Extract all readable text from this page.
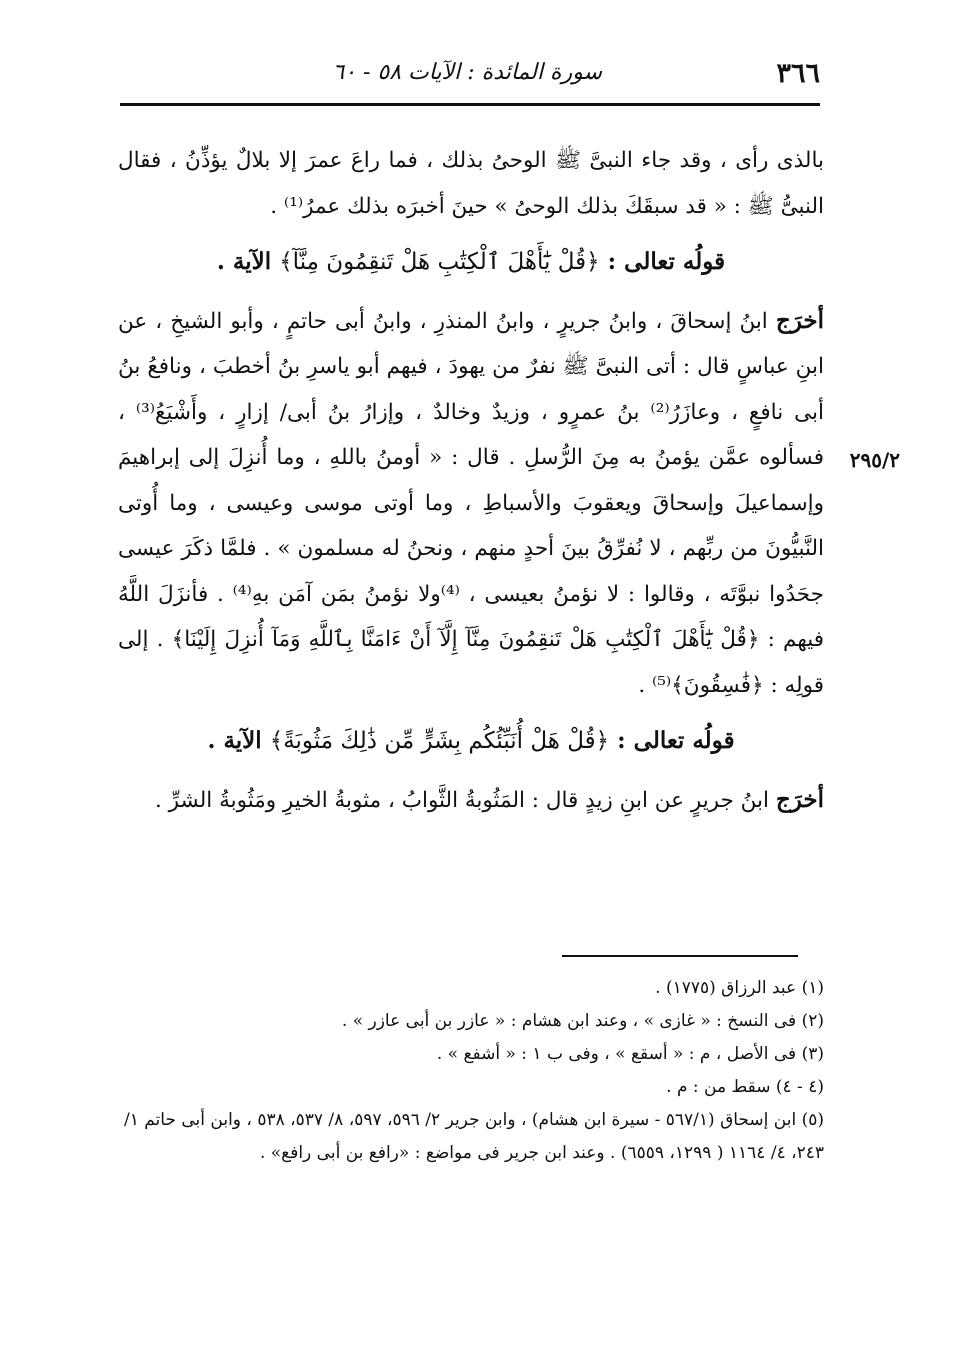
٣٦٦
سورة المائدة : الآيات ٥٨ - ٦٠
٢٩٥/٢

بالذى رأى ، وقد جاء النبىَّ ﷺ الوحىُ بذلك ، فما راعَ عمرَ إلا بلالٌ يؤذِّنُ ، فقال النبىُّ ﷺ : « قد سبقَكَ بذلك الوحىُ » حينَ أخبرَه بذلك عمرُ⁽¹⁾ .

قولُه تعالى : ﴿قُلْ يَٰٓأَهْلَ ٱلْكِتَٰبِ هَلْ تَنقِمُونَ مِنَّآ﴾ الآية .

أخرَج ابنُ إسحاقَ ، وابنُ جريرٍ ، وابنُ المنذرِ ، وابنُ أبى حاتمٍ ، وأبو الشيخِ ، عن ابنِ عباسٍ قال : أتى النبىَّ ﷺ نفرٌ من يهودَ ، فيهم أبو ياسرِ بنُ أخطبَ ، ونافعُ بنُ أبى نافعٍ ، وعازَرُ⁽²⁾ بنُ عمرٍو ، وزيدٌ وخالدٌ ، وإزارُ بنُ أبى/ إزارٍ ، وأَشْيَعُ⁽³⁾ ، فسألوه عمَّن يؤمنُ به مِنَ الرُّسلِ . قال : « أومنُ باللهِ ، وما أُنزِلَ إلى إبراهيمَ وإسماعيلَ وإسحاقَ ويعقوبَ والأسباطِ ، وما أوتى موسى وعيسى ، وما أُوتى النَّبيُّونَ من ربِّهم ، لا نُفرِّقُ بينَ أحدٍ منهم ، ونحنُ له مسلمون » . فلمَّا ذكَرَ عيسى جحَدُوا نبوَّتَه ، وقالوا : لا نؤمنُ بعيسى ، ⁽⁴⁾ولا نؤمنُ بمَن آمَن بهِ⁽⁴⁾ . فأنزَلَ اللَّهُ فيهم : ﴿قُلْ يَٰٓأَهْلَ ٱلْكِتَٰبِ هَلْ تَنقِمُونَ مِنَّآ إِلَّآ أَنْ ءَامَنَّا بِٱللَّهِ وَمَآ أُنزِلَ إِلَيْنَا﴾ . إلى قولِه : ﴿فَٰسِقُونَ﴾⁽⁵⁾ .

قولُه تعالى : ﴿قُلْ هَلْ أُنَبِّئُكُم بِشَرٍّ مِّن ذَٰلِكَ مَثُوبَةً﴾ الآية .

أخرَج ابنُ جريرٍ عن ابنِ زيدٍ قال : المَثُوبةُ الثَّوابُ ، مثوبةُ الخيرِ ومَثُوبةُ الشرِّ .

(١) عبد الرزاق (١٧٧٥) .

(٢) فى النسخ : « غازى » ، وعند ابن هشام : « عازر بن أبى عازر » .

(٣) فى الأصل ، م : « أسقع » ، وفى ب ١ : « أشفع » .

(٤ - ٤) سقط من : م .

(٥) ابن إسحاق (٥٦٧/١ - سيرة ابن هشام) ، وابن جرير ٢/ ٥٩٦، ٥٩٧، ٨/ ٥٣٧، ٥٣٨ ، وابن أبى حاتم ١/ ٢٤٣، ٤/ ١١٦٤ ( ١٢٩٩، ٦٥٥٩) . وعند ابن جرير فى مواضع : «رافع بن أبى رافع» .
